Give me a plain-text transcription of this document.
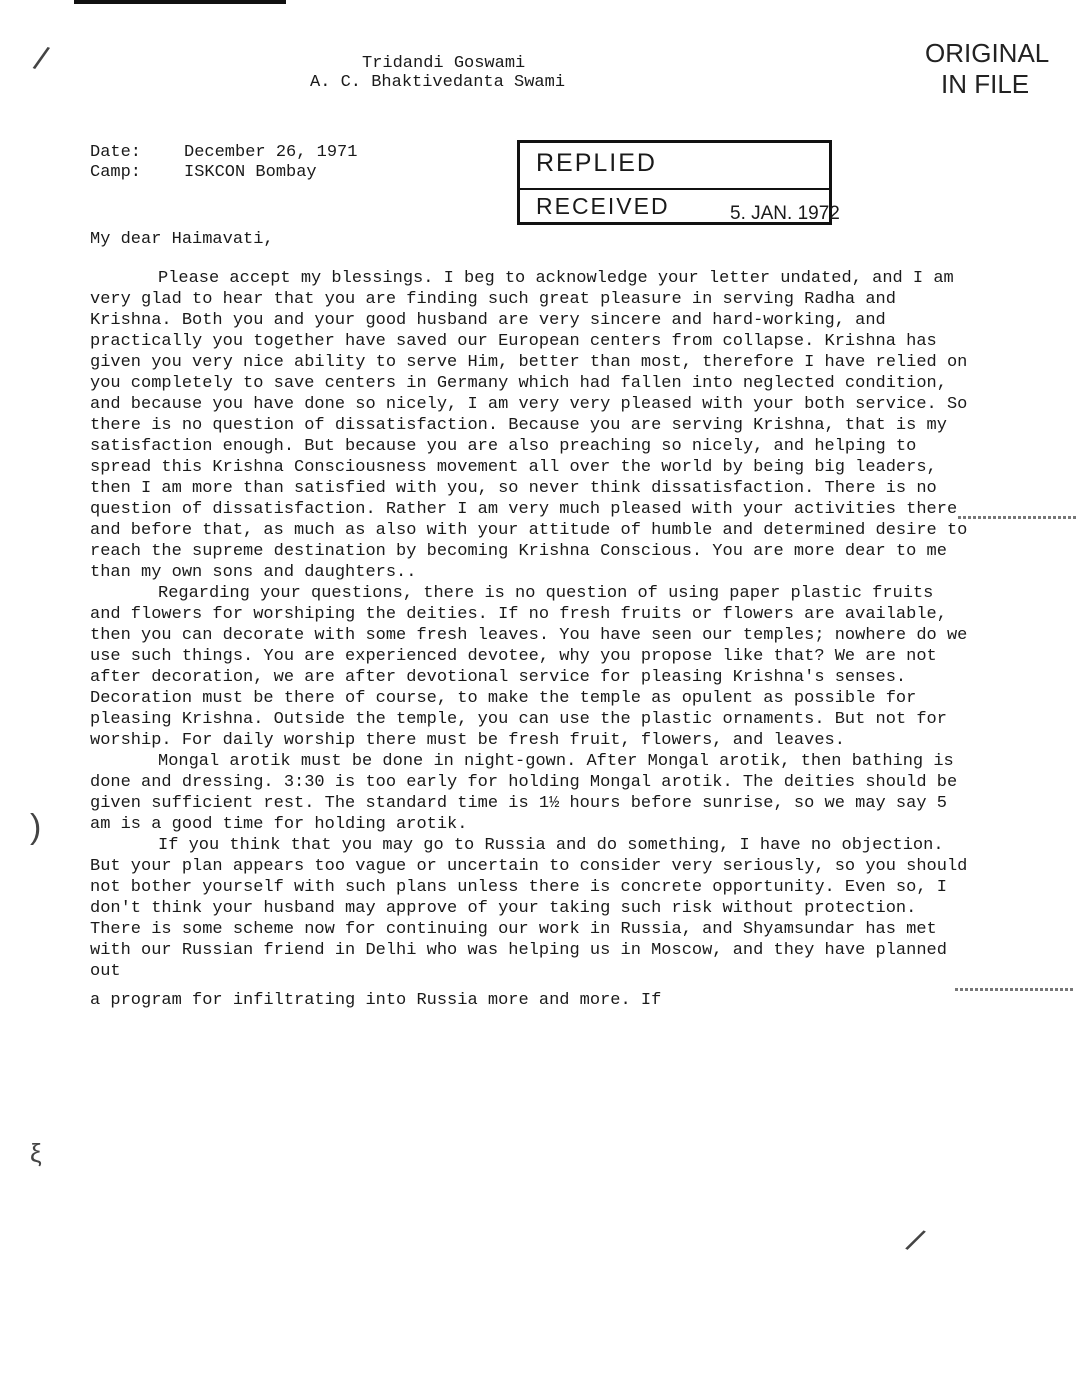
Tridandi Goswami
A. C. Bhaktivedanta Swami
ORIGINAL
IN FILE
Date:	December 26, 1971
Camp:	ISKCON Bombay	REPLIED
RECEIVED	5. JAN. 1972
My dear Haimavati,

Please accept my blessings. I beg to acknowledge your letter undated, and I am very glad to hear that you are finding such great pleasure in serving Radha and Krishna. Both you and your good husband are very sincere and hard-working, and practically you together have saved our European centers from collapse. Krishna has given you very nice ability to serve Him, better than most, therefore I have relied on you completely to save centers in Germany which had fallen into neglected condition, and because you have done so nicely, I am very very pleased with your both service. So there is no question of dissatisfaction. Because you are serving Krishna, that is my satisfaction enough. But because you are also preaching so nicely, and helping to spread this Krishna Consciousness movement all over the world by being big leaders, then I am more than satisfied with you, so never think dissatisfaction. There is no question of dissatisfaction. Rather I am very much pleased with your activities there and before that, as much as also with your attitude of humble and determined desire to reach the supreme destination by becoming Krishna Conscious. You are more dear to me than my own sons and daughters..

Regarding your questions, there is no question of using paper plastic fruits and flowers for worshiping the deities. If no fresh fruits or flowers are available, then you can decorate with some fresh leaves. You have seen our temples; nowhere do we use such things. You are experienced devotee, why you propose like that? We are not after decoration, we are after devotional service for pleasing Krishna's senses. Decoration must be there of course, to make the temple as opulent as possible for pleasing Krishna. Outside the temple, you can use the plastic ornaments. But not for worship. For daily worship there must be fresh fruit, flowers, and leaves.

Mongal arotik must be done in night-gown. After Mongal arotik, then bathing is done and dressing. 3:30 is too early for holding Mongal arotik. The deities should be given sufficient rest. The standard time is 1½ hours before sunrise, so we may say 5 am is a good time for holding arotik.

If you think that you may go to Russia and do something, I have no objection. But your plan appears too vague or uncertain to consider very seriously, so you should not bother yourself with such plans unless there is concrete opportunity. Even so, I don't think your husband may approve of your taking such risk without protection. There is some scheme now for continuing our work in Russia, and Shyamsundar has met with our Russian friend in Delhi who was helping us in Moscow, and they have planned out

a program for infiltrating into Russia more and more. If

/
)
ξ
/
